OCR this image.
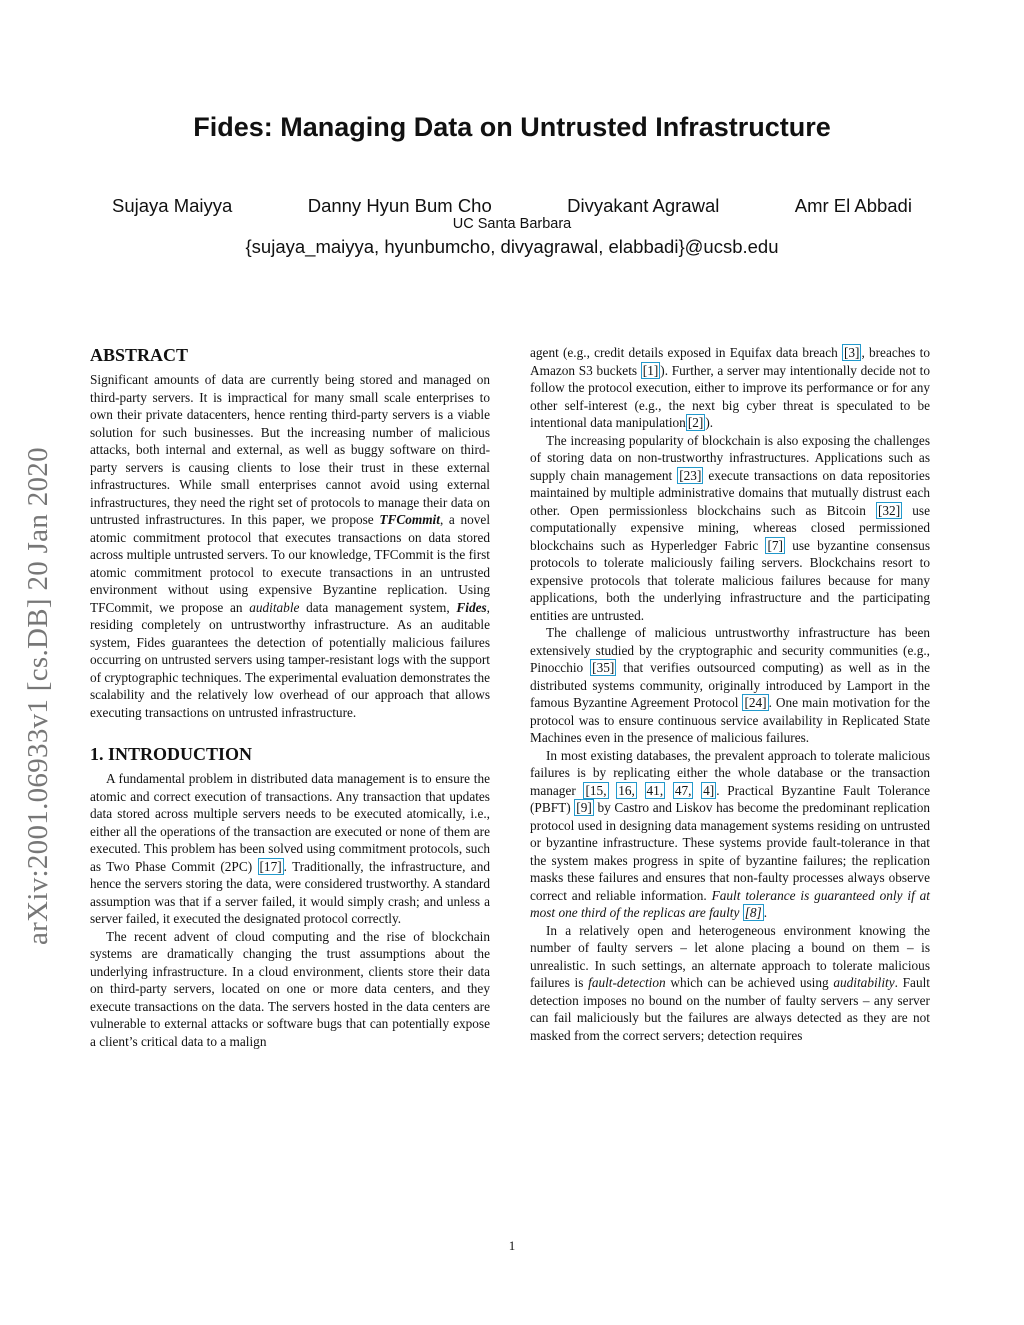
Fides: Managing Data on Untrusted Infrastructure
Sujaya Maiyya	Danny Hyun Bum Cho	Divyakant Agrawal	Amr El Abbadi
UC Santa Barbara
{sujaya_maiyya, hyunbumcho, divyagrawal, elabbadi}@ucsb.edu
arXiv:2001.06933v1 [cs.DB] 20 Jan 2020
ABSTRACT

Significant amounts of data are currently being stored and managed on third-party servers. It is impractical for many small scale enterprises to own their private datacenters, hence renting third-party servers is a viable solution for such businesses. But the increasing number of malicious attacks, both internal and external, as well as buggy software on third-party servers is causing clients to lose their trust in these external infrastructures. While small enterprises cannot avoid using external infrastructures, they need the right set of protocols to manage their data on untrusted infrastructures. In this paper, we propose TFCommit, a novel atomic commitment protocol that executes transactions on data stored across multiple untrusted servers. To our knowledge, TFCommit is the first atomic commitment protocol to execute transactions in an untrusted environment without using expensive Byzantine replication. Using TFCommit, we propose an auditable data management system, Fides, residing completely on untrustworthy infrastructure. As an auditable system, Fides guarantees the detection of potentially malicious failures occurring on untrusted servers using tamper-resistant logs with the support of cryptographic techniques. The experimental evaluation demonstrates the scalability and the relatively low overhead of our approach that allows executing transactions on untrusted infrastructure.

1. INTRODUCTION

A fundamental problem in distributed data management is to ensure the atomic and correct execution of transactions. Any transaction that updates data stored across multiple servers needs to be executed atomically, i.e., either all the operations of the transaction are executed or none of them are executed. This problem has been solved using commitment protocols, such as Two Phase Commit (2PC) [17] . Traditionally, the infrastructure, and hence the servers storing the data, were considered trustworthy. A standard assumption was that if a server failed, it would simply crash; and unless a server failed, it executed the designated protocol correctly.

The recent advent of cloud computing and the rise of blockchain systems are dramatically changing the trust assumptions about the underlying infrastructure. In a cloud environment, clients store their data on third-party servers, located on one or more data centers, and they execute transactions on the data. The servers hosted in the data centers are vulnerable to external attacks or software bugs that can potentially expose a client’s critical data to a malign

agent (e.g., credit details exposed in Equifax data breach [3] , breaches to Amazon S3 buckets [1] ). Further, a server may intentionally decide not to follow the protocol execution, either to improve its performance or for any other self-interest (e.g., the next big cyber threat is speculated to be intentional data manipulation [2] ).

The increasing popularity of blockchain is also exposing the challenges of storing data on non-trustworthy infrastructures. Applications such as supply chain management [23] execute transactions on data repositories maintained by multiple administrative domains that mutually distrust each other. Open permissionless blockchains such as Bitcoin [32] use computationally expensive mining, whereas closed permissioned blockchains such as Hyperledger Fabric [7] use byzantine consensus protocols to tolerate maliciously failing servers. Blockchains resort to expensive protocols that tolerate malicious failures because for many applications, both the underlying infrastructure and the participating entities are untrusted.

The challenge of malicious untrustworthy infrastructure has been extensively studied by the cryptographic and security communities (e.g., Pinocchio [35] that verifies outsourced computing) as well as in the distributed systems community, originally introduced by Lamport in the famous Byzantine Agreement Protocol [24] . One main motivation for the protocol was to ensure continuous service availability in Replicated State Machines even in the presence of malicious failures.

In most existing databases, the prevalent approach to tolerate malicious failures is by replicating either the whole database or the transaction manager [15, 16, 41, 47, 4] . Practical Byzantine Fault Tolerance (PBFT) [9] by Castro and Liskov has become the predominant replication protocol used in designing data management systems residing on untrusted or byzantine infrastructure. These systems provide fault-tolerance in that the system makes progress in spite of byzantine failures; the replication masks these failures and ensures that non-faulty processes always observe correct and reliable information. Fault tolerance is guaranteed only if at most one third of the replicas are faulty [8] .

In a relatively open and heterogeneous environment knowing the number of faulty servers – let alone placing a bound on them – is unrealistic. In such settings, an alternate approach to tolerate malicious failures is fault-detection which can be achieved using auditability. Fault detection imposes no bound on the number of faulty servers – any server can fail maliciously but the failures are always detected as they are not masked from the correct servers; detection requires

1
